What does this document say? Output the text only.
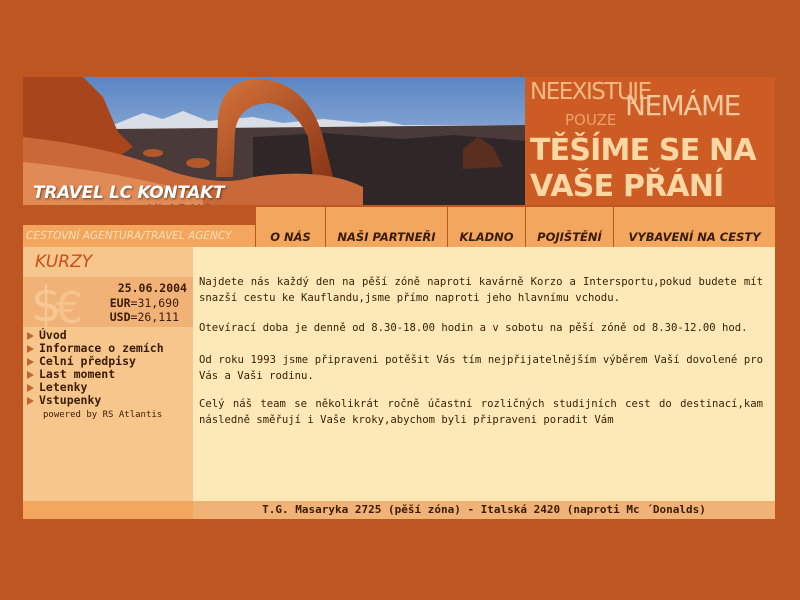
TRAVEL LC KONTAKT
NEEXISTUJE
NEMÁME
POUZE
TĚŠÍME SE NA
VAŠE PŘÁNÍ
CESTOVNÍ AGENTURA/TRAVEL AGENCY	O NÁS	NAŠI PARTNEŘI	KLADNO	POJIŠTĚNÍ	VYBAVENÍ NA CESTY
KURZY
$
€	25.06.2004
EUR=31,690
USD=26,111
Úvod
Informace o zemích
Celní předpisy
Last moment
Letenky
Vstupenky
powered by RS Atlantis

Najdete nás každý den na pěší zóně naproti kavárně Korzo a Intersportu,pokud budete mít snazší cestu ke Kauflandu,jsme přímo naproti jeho hlavnímu vchodu.

Otevírací doba je denně od 8.30-18.00 hodin a v sobotu na pěší zóně od 8.30-12.00 hod.

Od roku 1993 jsme připraveni potěšit Vás tím nejpřijatelnějším výběrem Vaší dovolené pro Vás a Vaši rodinu.

Celý náš team se několikrát ročně účastní rozličných studijních cest do destinací,kam následně směřují i Vaše kroky,abychom byli připraveni poradit Vám

T.G. Masaryka 2725 (pěší zóna) - Italská 2420 (naproti Mc ´Donalds)
